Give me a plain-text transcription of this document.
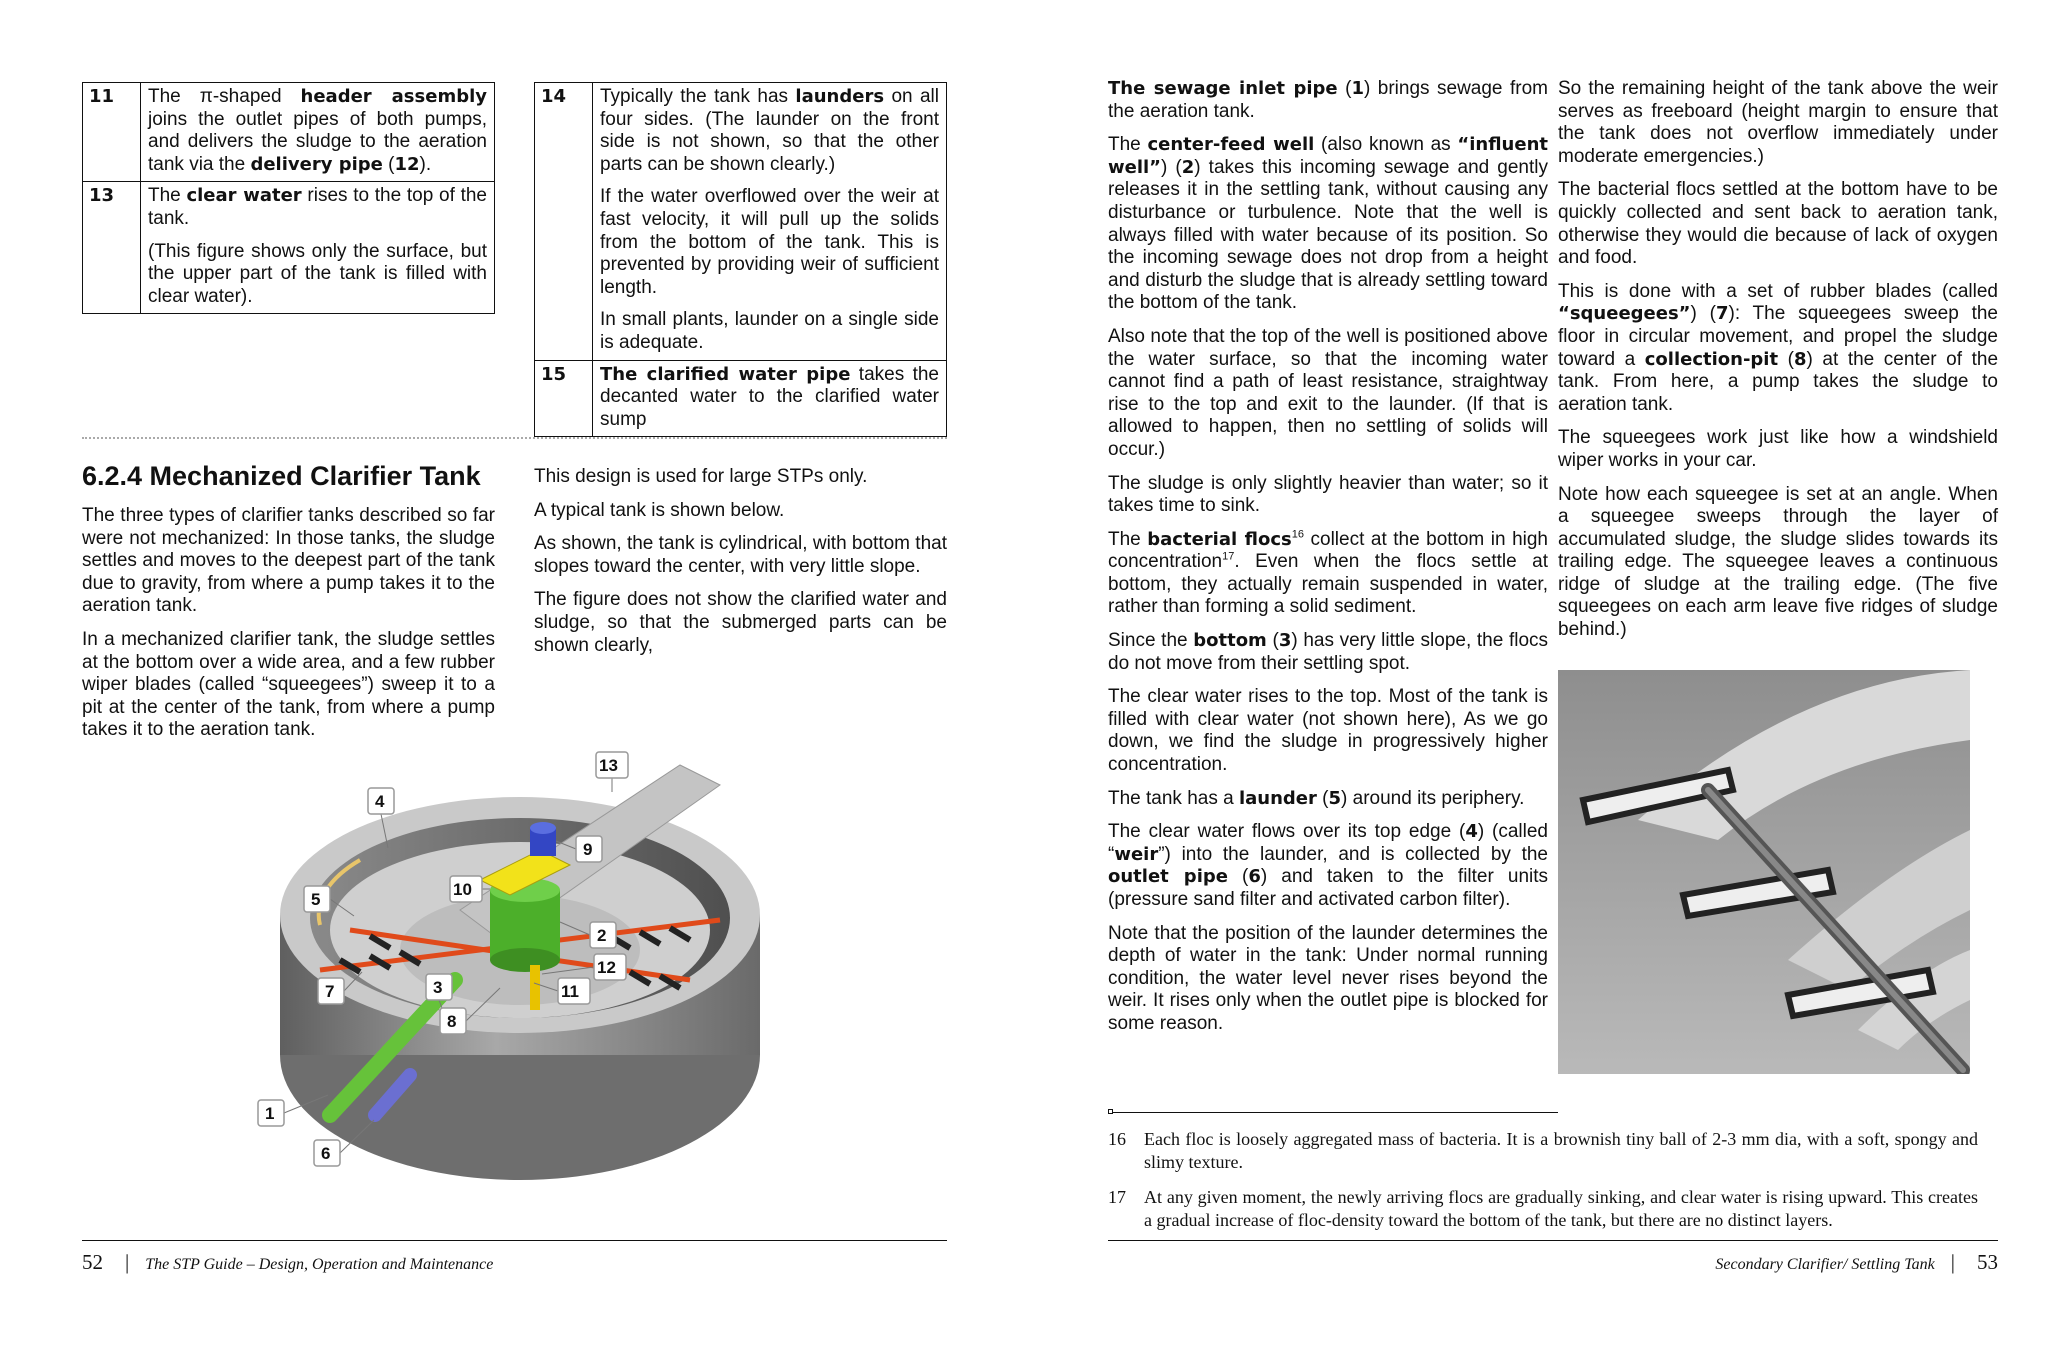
11	The π-shaped header assembly joins the outlet pipes of both pumps, and delivers the sludge to the aeration tank via the delivery pipe (12).

13	The clear water rises to the top of the tank.
(This figure shows only the surface, but the upper part of the tank is filled with clear water).
14	Typically the tank has launders on all four sides. (The launder on the front side is not shown, so that the other parts can be shown clearly.)
If the water overflowed over the weir at fast velocity, it will pull up the solids from the bottom of the tank. This is prevented by providing weir of sufficient length.
In small plants, launder on a single side is adequate.

15	The clarified water pipe takes the decanted water to the clarified water sump
6.2.4 Mechanized Clarifier Tank

The three types of clarifier tanks described so far were not mechanized: In those tanks, the sludge settles and moves to the deepest part of the tank due to gravity, from where a pump takes it to the aeration tank.

In a mechanized clarifier tank, the sludge settles at the bottom over a wide area, and a few rubber wiper blades (called “squeegees”) sweep it to a pit at the center of the tank, from where a pump takes it to the aeration tank.

This design is used for large STPs only.

A typical tank is shown below.

As shown, the tank is cylindrical, with bottom that slopes toward the center, with very little slope.

The figure does not show the clarified water and sludge, so that the submerged parts can be shown clearly,

1
2
3
4
5
6
7
8
9
10
11
12
13
52 | The STP Guide – Design, Operation and Maintenance

The sewage inlet pipe (1) brings sewage from the aeration tank.

The center-feed well (also known as “influent well”) (2) takes this incoming sewage and gently releases it in the settling tank, without causing any disturbance or turbulence. Note that the well is always filled with water because of its position. So the incoming sewage does not drop from a height and disturb the sludge that is already settling toward the bottom of the tank.

Also note that the top of the well is positioned above the water surface, so that the incoming water cannot find a path of least resistance, straightway rise to the top and exit to the launder. (If that is allowed to happen, then no settling of solids will occur.)

The sludge is only slightly heavier than water; so it takes time to sink.

The bacterial flocs$^{16}$ collect at the bottom in high concentration$^{17}$. Even when the flocs settle at bottom, they actually remain suspended in water, rather than forming a solid sediment.

Since the bottom (3) has very little slope, the flocs do not move from their settling spot.

The clear water rises to the top. Most of the tank is filled with clear water (not shown here), As we go down, we find the sludge in progressively higher concentration.

The tank has a launder (5) around its periphery.

The clear water flows over its top edge (4) (called “weir”) into the launder, and is collected by the outlet pipe (6) and taken to the filter units (pressure sand filter and activated carbon filter).

Note that the position of the launder determines the depth of water in the tank: Under normal running condition, the water level never rises beyond the weir. It rises only when the outlet pipe is blocked for some reason.

So the remaining height of the tank above the weir serves as freeboard (height margin to ensure that the tank does not overflow immediately under moderate emergencies.)

The bacterial flocs settled at the bottom have to be quickly collected and sent back to aeration tank, otherwise they would die because of lack of oxygen and food.

This is done with a set of rubber blades (called “squeegees”) (7): The squeegees sweep the floor in circular movement, and propel the sludge toward a collection-pit (8) at the center of the tank. From here, a pump takes the sludge to aeration tank.

The squeegees work just like how a windshield wiper works in your car.

Note how each squeegee is set at an angle. When a squeegee sweeps through the layer of accumulated sludge, the sludge slides towards its trailing edge. The squeegee leaves a continuous ridge of sludge at the trailing edge. (The five squeegees on each arm leave five ridges of sludge behind.)

16 Each floc is loosely aggregated mass of bacteria. It is a brownish tiny ball of 2-3 mm dia, with a soft, spongy and slimy texture.
17 At any given moment, the newly arriving flocs are gradually sinking, and clear water is rising upward. This creates a gradual increase of floc-density toward the bottom of the tank, but there are no distinct layers.
Secondary Clarifier/ Settling Tank | 53
